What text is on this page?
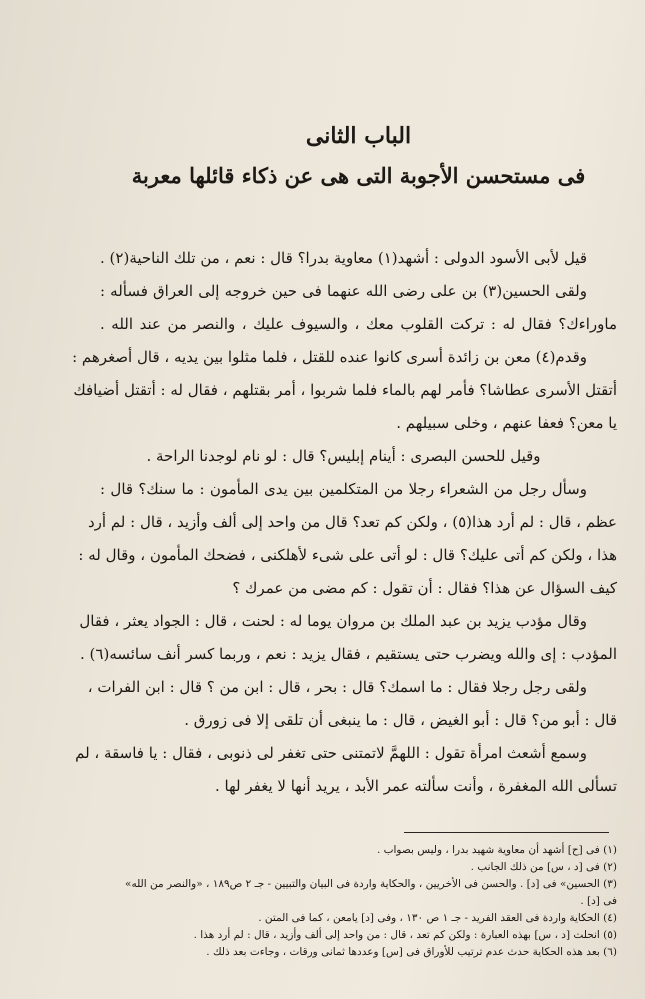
الباب الثانى
فى مستحسن الأجوبة التى هى عن ذكاء قائلها معربة
قيل لأبى الأسود الدولى : أشهد(١) معاوية بدرا؟ قال : نعم ، من تلك الناحية(٢) .
ولقى الحسين(٣) بن على رضى الله عنهما فى حين خروجه إلى العراق فسأله :
ماوراءك؟ فقال له : تركت القلوب معك ، والسيوف عليك ، والنصر من عند الله .
وقدم(٤) معن بن زائدة أسرى كانوا عنده للقتل ، فلما مثلوا بين يديه ، قال أصغرهم :
أتقتل الأسرى عطاشا؟ فأمر لهم بالماء فلما شربوا ، أمر بقتلهم ، فقال له : أتقتل أضيافك
يا معن؟ فعفا عنهم ، وخلى سبيلهم .
وقيل للحسن البصرى : أينام إبليس؟ قال : لو نام لوجدنا الراحة .
وسأل رجل من الشعراء رجلا من المتكلمين بين يدى المأمون : ما سنك؟ قال :
عظم ، قال : لم أرد هذا(٥) ، ولكن كم تعد؟ قال من واحد إلى ألف وأزيد ، قال : لم أرد
هذا ، ولكن كم أتى عليك؟ قال : لو أتى على شىء لأهلكنى ، فضحك المأمون ، وقال له :
كيف السؤال عن هذا؟ فقال : أن تقول : كم مضى من عمرك ؟
وقال مؤدب يزيد بن عبد الملك بن مروان يوما له : لحنت ، قال : الجواد يعثر ، فقال
المؤدب : إى والله ويضرب حتى يستقيم ، فقال يزيد : نعم ، وربما كسر أنف سائسه(٦) .
ولقى رجل رجلا فقال : ما اسمك؟ قال : بحر ، قال : ابن من ؟ قال : ابن الفرات ،
قال : أبو من؟ قال : أبو الغيض ، قال : ما ينبغى أن تلقى إلا فى زورق .
وسمع أشعث امرأة تقول : اللهمَّ لاتمتنى حتى تغفر لى ذنوبى ، فقال : يا فاسقة ، لم
تسألى الله المغفرة ، وأنت سألته عمر الأبد ، يريد أنها لا يغفر لها .
(١) فى [ح] أشهد أن معاوية شهيد بدرا ، وليس بصواب .
(٢) فى [د ، س] من ذلك الجانب .
(٣) الحسين» فى [د] . والحسن فى الأخريين ، والحكاية واردة فى البيان والتبيين - جـ ٢ ص١٨٩ ، «والنصر من الله»
فى [د] .
(٤) الحكاية واردة فى العقد الفريد - جـ ١ ص ١٣٠ ، وفى [د] يامعن ، كما فى المتن .
(٥) انحلت [د ، س] بهذه العبارة : ولكن كم تعد ، قال : من واحد إلى ألف وأزيد ، قال : لم أرد هذا .
(٦) بعد هذه الحكاية حدث عدم ترتيب للأوراق فى [س] وعددها ثمانى ورقات ، وجاءت بعد ذلك .
